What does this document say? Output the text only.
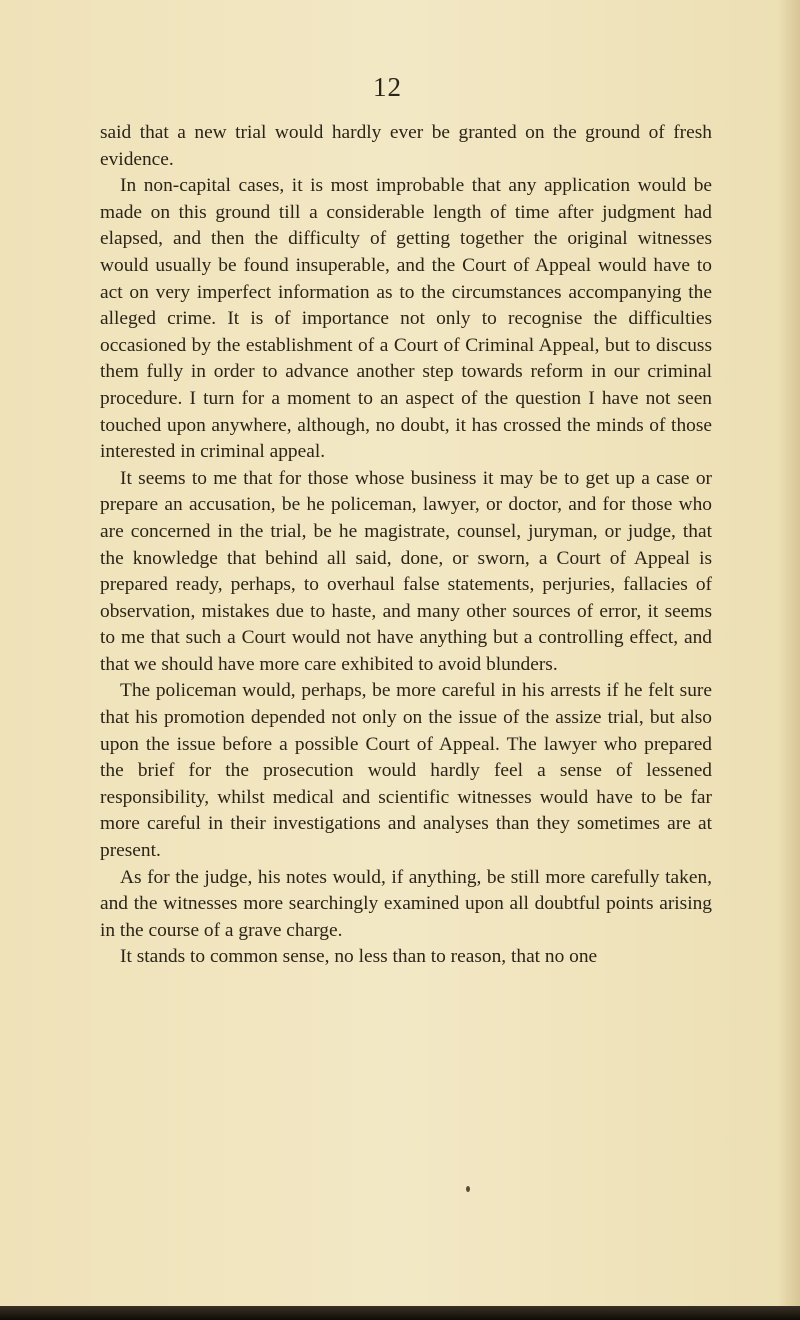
12

said that a new trial would hardly ever be granted on the ground of fresh evidence.

In non-capital cases, it is most improbable that any application would be made on this ground till a considerable length of time after judgment had elapsed, and then the difficulty of getting together the original witnesses would usually be found insuperable, and the Court of Appeal would have to act on very imperfect information as to the circumstances accompanying the alleged crime. It is of importance not only to recognise the difficulties occasioned by the establishment of a Court of Criminal Appeal, but to discuss them fully in order to advance another step towards reform in our criminal procedure. I turn for a moment to an aspect of the question I have not seen touched upon anywhere, although, no doubt, it has crossed the minds of those interested in criminal appeal.

It seems to me that for those whose business it may be to get up a case or prepare an accusation, be he policeman, lawyer, or doctor, and for those who are concerned in the trial, be he magistrate, counsel, juryman, or judge, that the knowledge that behind all said, done, or sworn, a Court of Appeal is prepared ready, perhaps, to overhaul false statements, perjuries, fallacies of observation, mistakes due to haste, and many other sources of error, it seems to me that such a Court would not have anything but a controlling effect, and that we should have more care exhibited to avoid blunders.

The policeman would, perhaps, be more careful in his arrests if he felt sure that his promotion depended not only on the issue of the assize trial, but also upon the issue before a possible Court of Appeal. The lawyer who prepared the brief for the prosecution would hardly feel a sense of lessened responsibility, whilst medical and scientific witnesses would have to be far more careful in their investigations and analyses than they sometimes are at present.

As for the judge, his notes would, if anything, be still more carefully taken, and the witnesses more searchingly examined upon all doubtful points arising in the course of a grave charge.

It stands to common sense, no less than to reason, that no one
